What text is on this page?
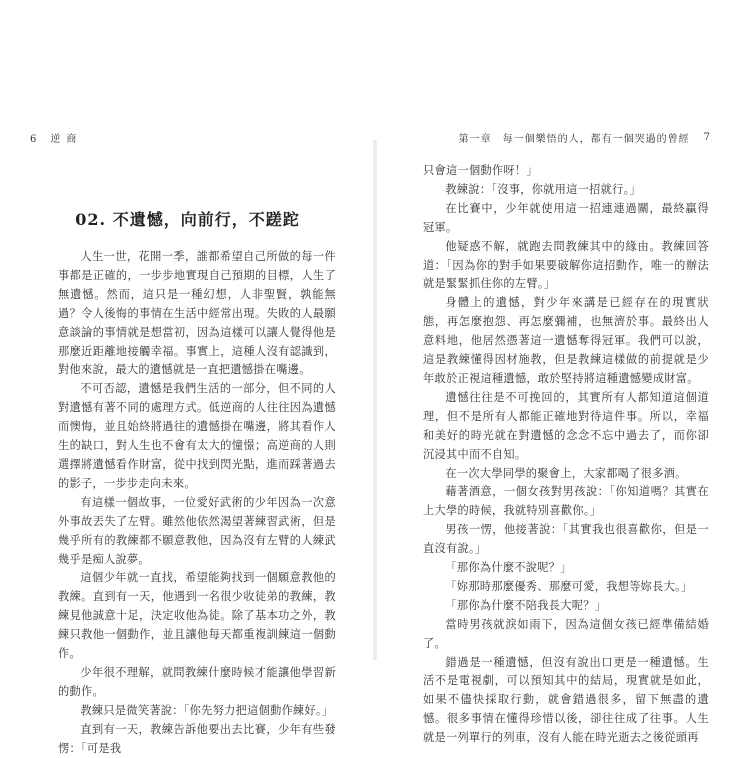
6 逆商
02. 不遺憾，向前行，不蹉跎

人生一世，花開一季，誰都希望自己所做的每一件事都是正確的，一步步地實現自己預期的目標，人生了無遺憾。然而，這只是一種幻想，人非聖賢，孰能無過？令人後悔的事情在生活中經常出現。失敗的人最願意談論的事情就是想當初，因為這樣可以讓人覺得他是那麼近距離地接觸幸福。事實上，這種人沒有認識到，對他來說，最大的遺憾就是一直把遺憾掛在嘴邊。

不可否認，遺憾是我們生活的一部分，但不同的人對遺憾有著不同的處理方式。低逆商的人往往因為遺憾而懊悔，並且始終將過往的遺憾掛在嘴邊，將其看作人生的缺口，對人生也不會有太大的憧憬；高逆商的人則選擇將遺憾看作財富，從中找到閃光點，進而踩著過去的影子，一步步走向未來。

有這樣一個故事，一位愛好武術的少年因為一次意外事故丟失了左臂。雖然他依然渴望著練習武術，但是幾乎所有的教練都不願意教他，因為沒有左臂的人練武幾乎是痴人說夢。

這個少年就一直找，希望能夠找到一個願意教他的教練。直到有一天，他遇到一名很少收徒弟的教練，教練見他誠意十足，決定收他為徒。除了基本功之外，教練只教他一個動作，並且讓他每天都重複訓練這一個動作。

少年很不理解，就問教練什麼時候才能讓他學習新的動作。

教練只是微笑著說：「你先努力把這個動作練好。」

直到有一天，教練告訴他要出去比賽，少年有些發愣：「可是我

第一章　每一個樂悟的人，都有一個哭過的曾經 7

只會這一個動作呀！」

教練說：「沒事，你就用這一招就行。」

在比賽中，少年就使用這一招連連過關，最終贏得冠軍。

他疑惑不解，就跑去問教練其中的緣由。教練回答道：「因為你的對手如果要破解你這招動作，唯一的辦法就是緊緊抓住你的左臂。」

身體上的遺憾，對少年來講是已經存在的現實狀態，再怎麼抱怨、再怎麼彌補，也無濟於事。最終出人意料地，他居然憑著這一遺憾奪得冠軍。我們可以說，這是教練懂得因材施教，但是教練這樣做的前提就是少年敢於正視這種遺憾，敢於堅持將這種遺憾變成財富。

遺憾往往是不可挽回的，其實所有人都知道這個道理，但不是所有人都能正確地對待這件事。所以，幸福和美好的時光就在對遺憾的念念不忘中過去了，而你卻沉浸其中而不自知。

在一次大學同學的聚會上，大家都喝了很多酒。

藉著酒意，一個女孩對男孩說：「你知道嗎？其實在上大學的時候，我就特別喜歡你。」

男孩一愣，他接著說：「其實我也很喜歡你，但是一直沒有說。」

「那你為什麼不說呢？」

「妳那時那麼優秀、那麼可愛，我想等妳長大。」

「那你為什麼不陪我長大呢？」

當時男孩就淚如雨下，因為這個女孩已經準備結婚了。

錯過是一種遺憾，但沒有說出口更是一種遺憾。生活不是電視劇，可以預知其中的結局，現實就是如此，如果不儘快採取行動，就會錯過很多，留下無盡的遺憾。很多事情在懂得珍惜以後，卻往往成了往事。人生就是一列單行的列車，沒有人能在時光逝去之後從頭再
